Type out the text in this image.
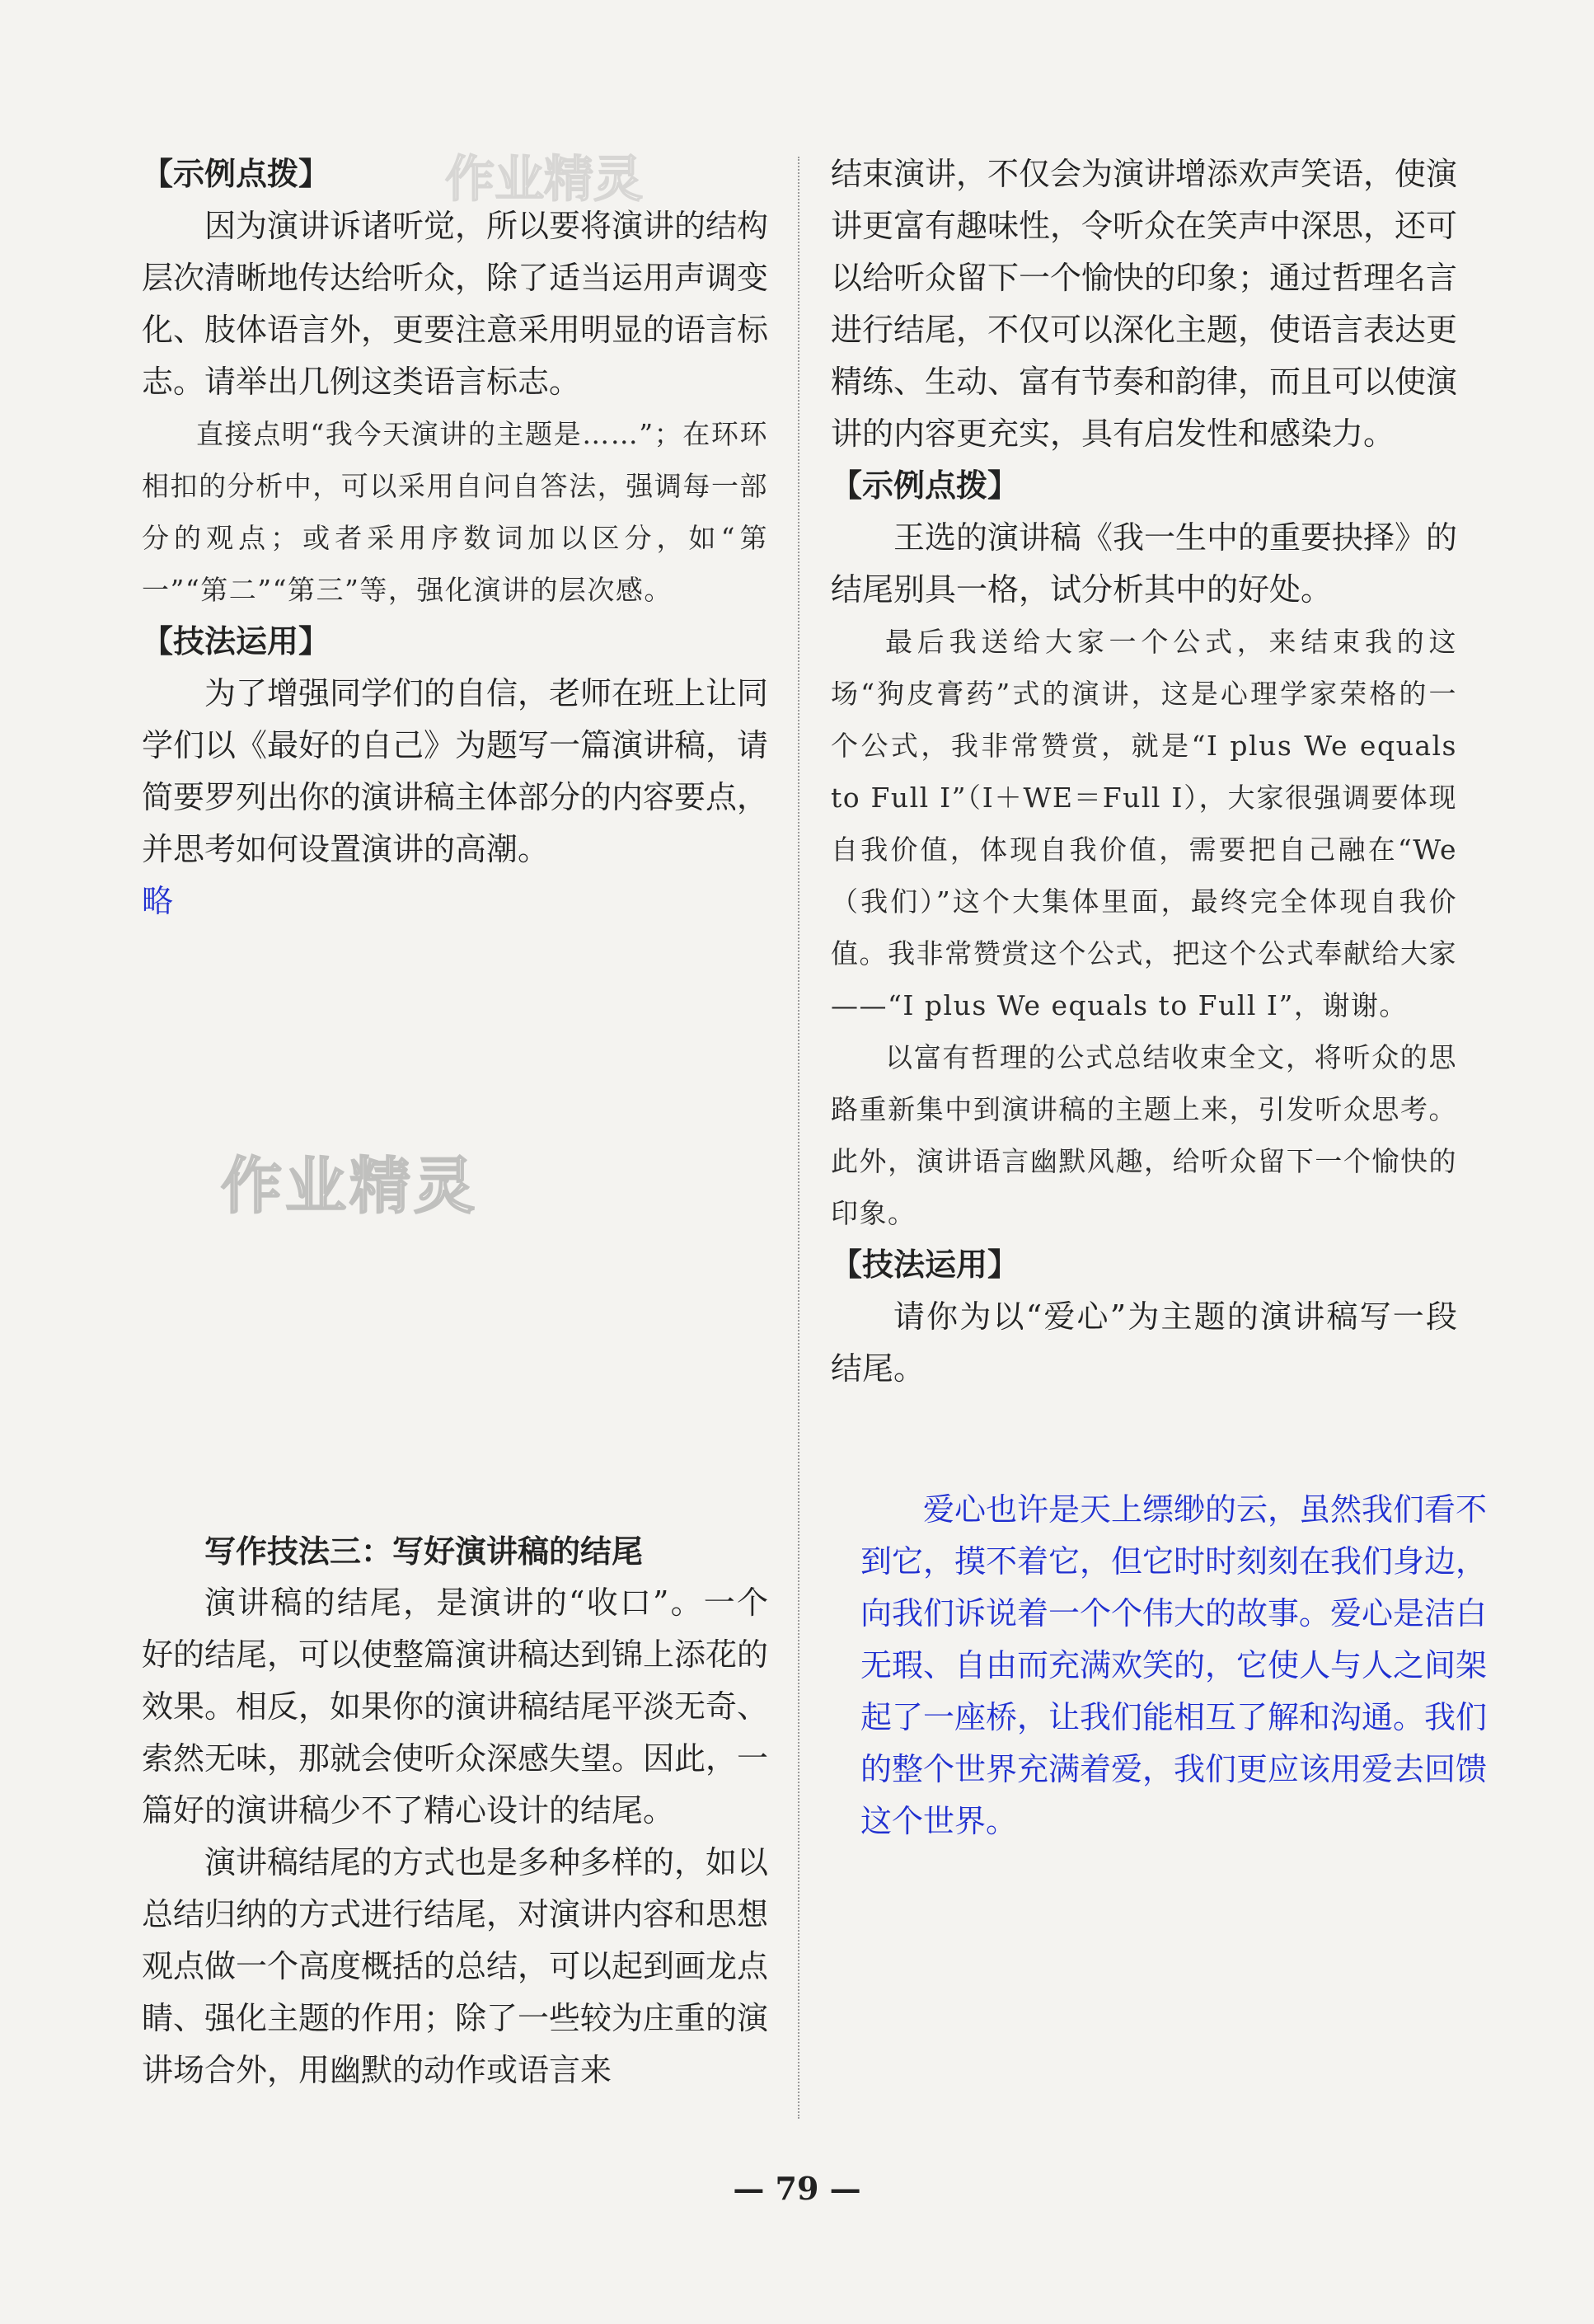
作业精灵

【示例点拨】

因为演讲诉诸听觉，所以要将演讲的结构层次清晰地传达给听众，除了适当运用声调变化、肢体语言外，更要注意采用明显的语言标志。请举出几例这类语言标志。

直接点明“我今天演讲的主题是……”；在环环相扣的分析中，可以采用自问自答法，强调每一部分的观点；或者采用序数词加以区分，如“第一”“第二”“第三”等，强化演讲的层次感。

【技法运用】

为了增强同学们的自信，老师在班上让同学们以《最好的自己》为题写一篇演讲稿，请简要罗列出你的演讲稿主体部分的内容要点，并思考如何设置演讲的高潮。

略

作业精灵

写作技法三：写好演讲稿的结尾

演讲稿的结尾，是演讲的“收口”。一个好的结尾，可以使整篇演讲稿达到锦上添花的效果。相反，如果你的演讲稿结尾平淡无奇、索然无味，那就会使听众深感失望。因此，一篇好的演讲稿少不了精心设计的结尾。

演讲稿结尾的方式也是多种多样的，如以总结归纳的方式进行结尾，对演讲内容和思想观点做一个高度概括的总结，可以起到画龙点睛、强化主题的作用；除了一些较为庄重的演讲场合外，用幽默的动作或语言来

结束演讲，不仅会为演讲增添欢声笑语，使演讲更富有趣味性，令听众在笑声中深思，还可以给听众留下一个愉快的印象；通过哲理名言进行结尾，不仅可以深化主题，使语言表达更精练、生动、富有节奏和韵律，而且可以使演讲的内容更充实，具有启发性和感染力。

【示例点拨】

王选的演讲稿《我一生中的重要抉择》的结尾别具一格，试分析其中的好处。

最后我送给大家一个公式，来结束我的这场“狗皮膏药”式的演讲，这是心理学家荣格的一个公式，我非常赞赏，就是“I plus We equals to Full I”（I＋WE＝Full I），大家很强调要体现自我价值，体现自我价值，需要把自己融在“We（我们）”这个大集体里面，最终完全体现自我价值。我非常赞赏这个公式，把这个公式奉献给大家——“I plus We equals to Full I”，谢谢。

以富有哲理的公式总结收束全文，将听众的思路重新集中到演讲稿的主题上来，引发听众思考。此外，演讲语言幽默风趣，给听众留下一个愉快的印象。

【技法运用】

请你为以“爱心”为主题的演讲稿写一段结尾。

爱心也许是天上缥缈的云，虽然我们看不到它，摸不着它，但它时时刻刻在我们身边，向我们诉说着一个个伟大的故事。爱心是洁白无瑕、自由而充满欢笑的，它使人与人之间架起了一座桥，让我们能相互了解和沟通。我们的整个世界充满着爱，我们更应该用爱去回馈这个世界。

— 79 —
